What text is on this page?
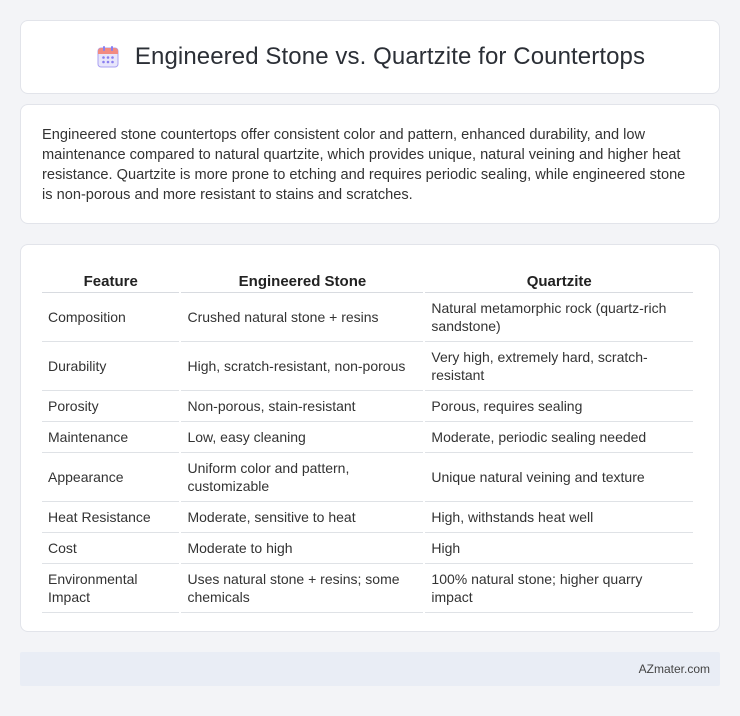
Engineered Stone vs. Quartzite for Countertops

Engineered stone countertops offer consistent color and pattern, enhanced durability, and low maintenance compared to natural quartzite, which provides unique, natural veining and higher heat resistance. Quartzite is more prone to etching and requires periodic sealing, while engineered stone is non-porous and more resistant to stains and scratches.

Feature	Engineered Stone	Quartzite
Composition	Crushed natural stone + resins	Natural metamorphic rock (quartz-rich sandstone)
Durability	High, scratch-resistant, non-porous	Very high, extremely hard, scratch-resistant
Porosity	Non-porous, stain-resistant	Porous, requires sealing
Maintenance	Low, easy cleaning	Moderate, periodic sealing needed
Appearance	Uniform color and pattern, customizable	Unique natural veining and texture
Heat Resistance	Moderate, sensitive to heat	High, withstands heat well
Cost	Moderate to high	High
Environmental Impact	Uses natural stone + resins; some chemicals	100% natural stone; higher quarry impact
AZmater.com
